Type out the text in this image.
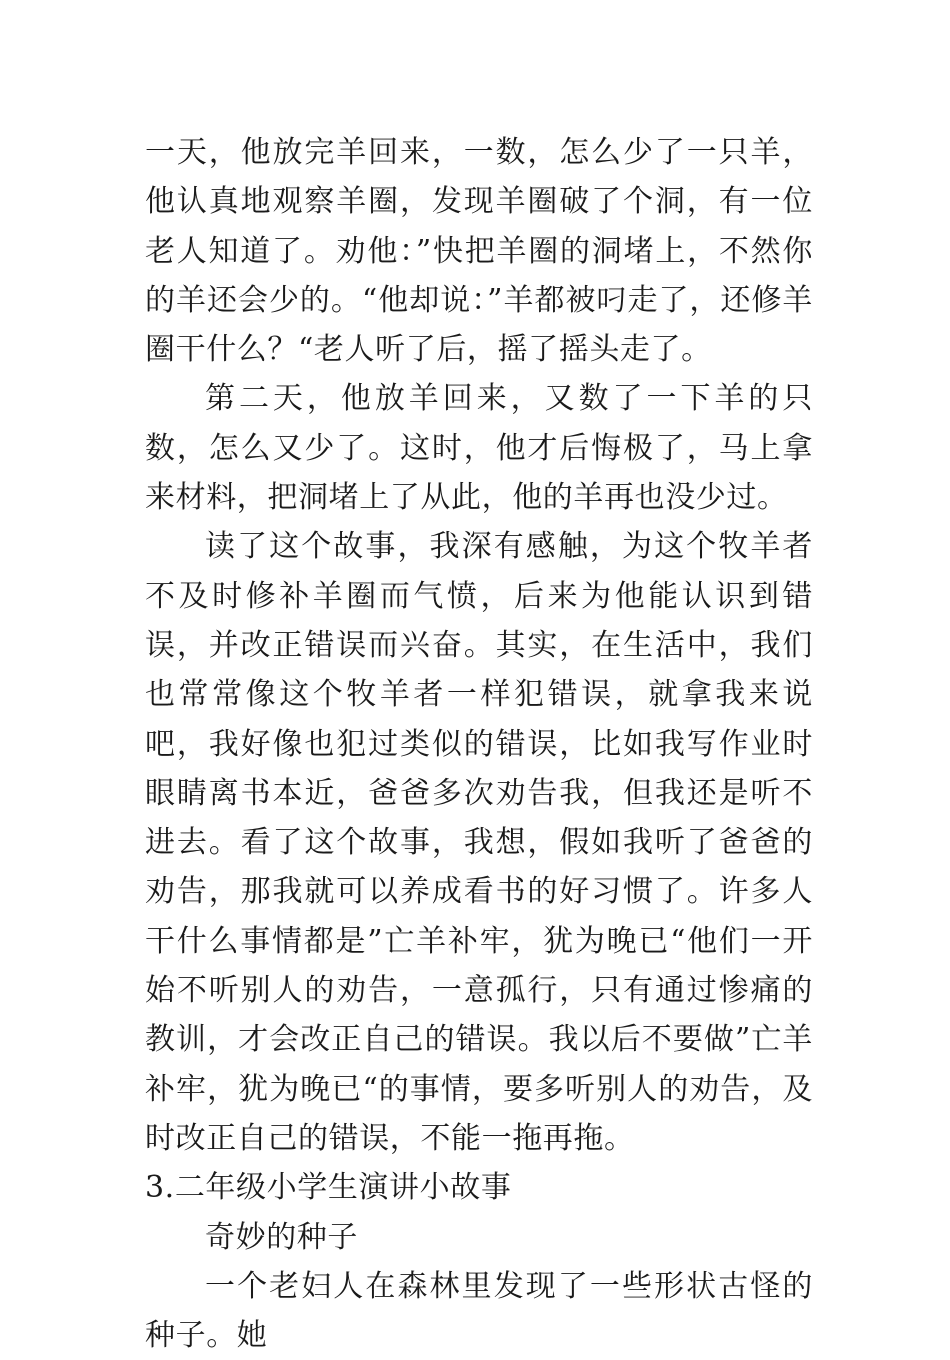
一天，他放完羊回来，一数，怎么少了一只羊，他认真地观察羊圈，发现羊圈破了个洞，有一位老人知道了。劝他：”快把羊圈的洞堵上，不然你的羊还会少的。“他却说：”羊都被叼走了，还修羊圈干什么？“老人听了后，摇了摇头走了。

第二天，他放羊回来，又数了一下羊的只数，怎么又少了。这时，他才后悔极了，马上拿来材料，把洞堵上了从此，他的羊再也没少过。

读了这个故事，我深有感触，为这个牧羊者不及时修补羊圈而气愤，后来为他能认识到错误，并改正错误而兴奋。其实，在生活中，我们也常常像这个牧羊者一样犯错误，就拿我来说吧，我好像也犯过类似的错误，比如我写作业时眼睛离书本近，爸爸多次劝告我，但我还是听不进去。看了这个故事，我想，假如我听了爸爸的劝告，那我就可以养成看书的好习惯了。许多人干什么事情都是”亡羊补牢，犹为晚已“他们一开始不听别人的劝告，一意孤行，只有通过惨痛的教训，才会改正自己的错误。我以后不要做”亡羊补牢，犹为晚已“的事情，要多听别人的劝告，及时改正自己的错误，不能一拖再拖。

3.二年级小学生演讲小故事

奇妙的种子

一个老妇人在森林里发现了一些形状古怪的种子。她
